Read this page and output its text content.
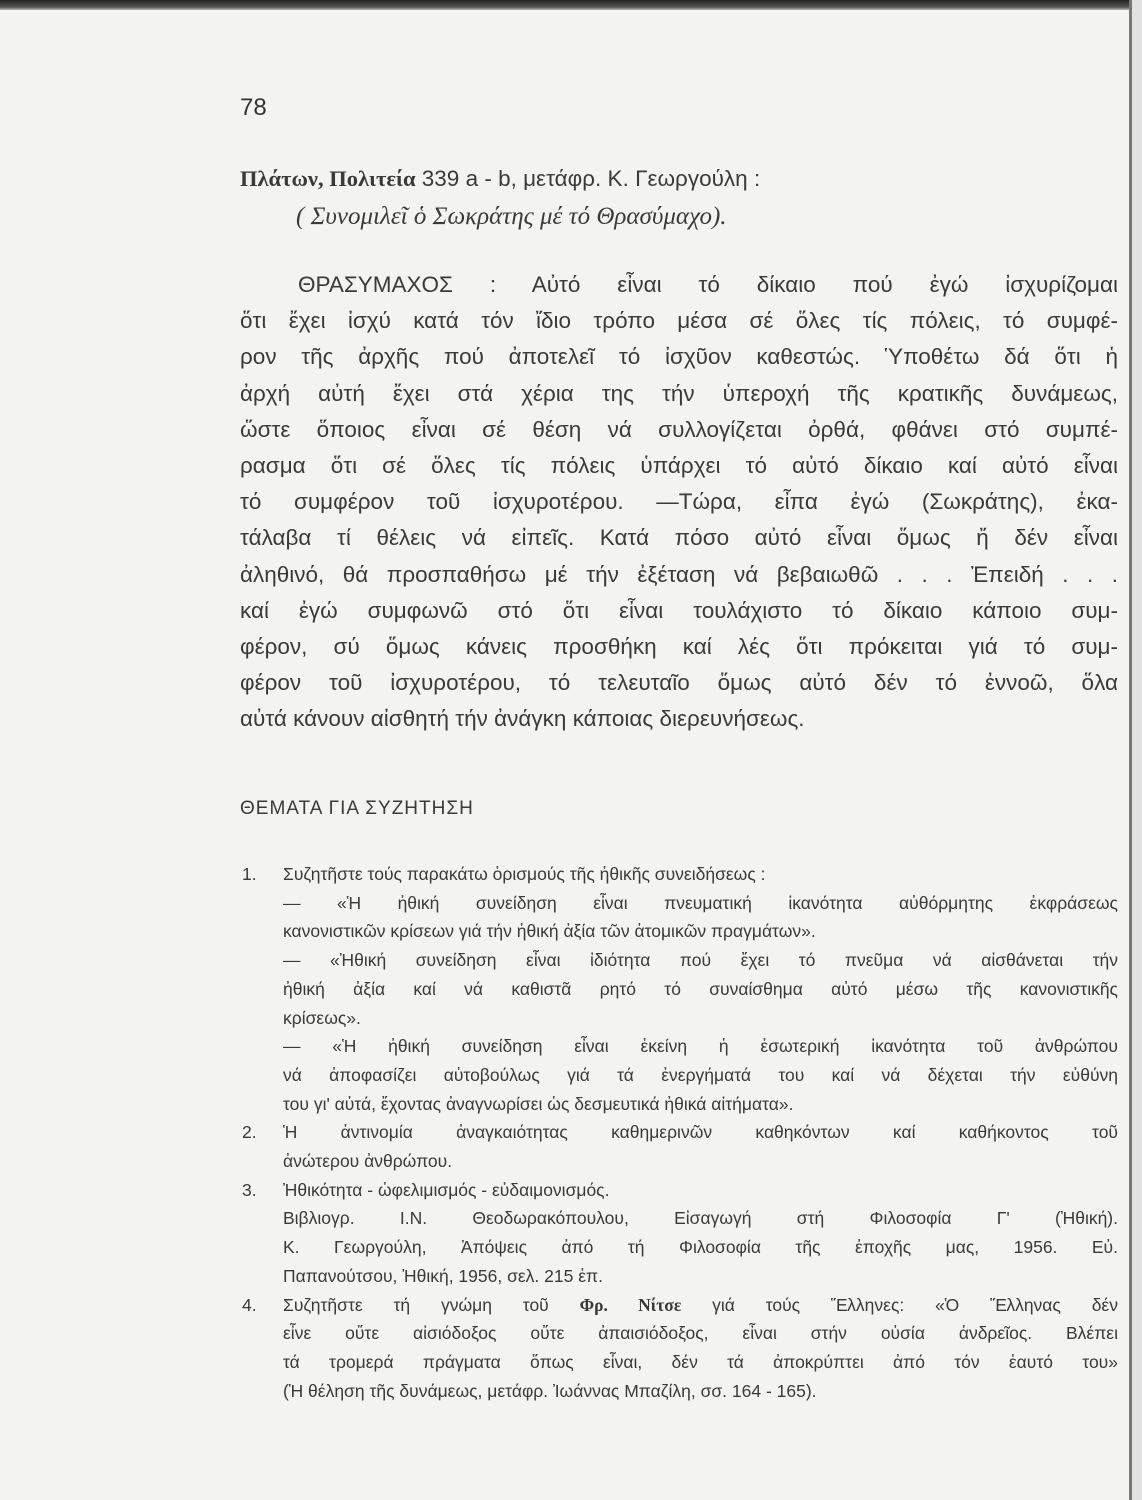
78
Πλάτων, Πολιτεία 339 a - b, μετάφρ. Κ. Γεωργούλη :
( Συνομιλεῖ ὁ Σωκράτης μέ τό Θρασύμαχο).
ΘΡΑΣΥΜΑΧΟΣ : Αὐτό εἶναι τό δίκαιο πού ἐγώ ἰσχυρίζομαι
ὅτι ἔχει ἰσχύ κατά τόν ἴδιο τρόπο μέσα σέ ὅλες τίς πόλεις, τό συμφέ-
ρον τῆς ἀρχῆς πού ἀποτελεῖ τό ἰσχῦον καθεστώς. Ὑποθέτω δά ὅτι ἡ
ἀρχή αὐτή ἔχει στά χέρια της τήν ὑπεροχή τῆς κρατικῆς δυνάμεως,
ὥστε ὅποιος εἶναι σέ θέση νά συλλογίζεται ὀρθά, φθάνει στό συμπέ-
ρασμα ὅτι σέ ὅλες τίς πόλεις ὑπάρχει τό αὐτό δίκαιο καί αὐτό εἶναι
τό συμφέρον τοῦ ἰσχυροτέρου. —Τώρα, εἶπα ἐγώ (Σωκράτης), ἐκα-
τάλαβα τί θέλεις νά εἰπεῖς. Κατά πόσο αὐτό εἶναι ὅμως ἤ δέν εἶναι
ἀληθινό, θά προσπαθήσω μέ τήν ἐξέταση νά βεβαιωθῶ . . . Ἐπειδή . . .
καί ἐγώ συμφωνῶ στό ὅτι εἶναι τουλάχιστο τό δίκαιο κάποιο συμ-
φέρον, σύ ὅμως κάνεις προσθήκη καί λές ὅτι πρόκειται γιά τό συμ-
φέρον τοῦ ἰσχυροτέρου, τό τελευταῖο ὅμως αὐτό δέν τό ἐννοῶ, ὅλα
αὐτά κάνουν αἰσθητή τήν ἀνάγκη κάποιας διερευνήσεως.
ΘΕΜΑΤΑ ΓΙΑ ΣΥΖΗΤΗΣΗ
1. Συζητῆστε τούς παρακάτω ὁρισμούς τῆς ἠθικῆς συνειδήσεως :
— «Ἡ ἠθική συνείδηση εἶναι πνευματική ἱκανότητα αὐθόρμητης ἐκφράσεως
κανονιστικῶν κρίσεων γιά τήν ἠθική ἀξία τῶν ἀτομικῶν πραγμάτων».
— «Ἠθική συνείδηση εἶναι ἰδιότητα πού ἔχει τό πνεῦμα νά αἰσθάνεται τήν
ἠθική ἀξία καί νά καθιστᾶ ρητό τό συναίσθημα αὐτό μέσω τῆς κανονιστικῆς
κρίσεως».
— «Ἡ ἠθική συνείδηση εἶναι ἐκείνη ἡ ἐσωτερική ἱκανότητα τοῦ ἀνθρώπου
νά ἀποφασίζει αὐτοβούλως γιά τά ἐνεργήματά του καί νά δέχεται τήν εὐθύνη
του γι' αὐτά, ἔχοντας ἀναγνωρίσει ὡς δεσμευτικά ἠθικά αἰτήματα».
2. Ἡ ἀντινομία ἀναγκαιότητας καθημερινῶν καθηκόντων καί καθήκοντος τοῦ
ἀνώτερου ἀνθρώπου.
3. Ἠθικότητα - ὠφελιμισμός - εὐδαιμονισμός.
Βιβλιογρ. Ι.Ν. Θεοδωρακόπουλου, Εἰσαγωγή στή Φιλοσοφία Γ' (Ἠθική).
Κ. Γεωργούλη, Ἀπόψεις ἀπό τή Φιλοσοφία τῆς ἐποχῆς μας, 1956. Εὐ.
Παπανούτσου, Ἠθική, 1956, σελ. 215 ἑπ.
4. Συζητῆστε τή γνώμη τοῦ Φρ. Νίτσε γιά τούς Ἕλληνες: «Ὁ Ἕλληνας δέν
εἶνε οὔτε αἰσιόδοξος οὔτε ἀπαισιόδοξος, εἶναι στήν οὐσία ἀνδρεῖος. Βλέπει
τά τρομερά πράγματα ὅπως εἶναι, δέν τά ἀποκρύπτει ἀπό τόν ἑαυτό του»
(Ἡ θέληση τῆς δυνάμεως, μετάφρ. Ἰωάννας Μπαζίλη, σσ. 164 - 165).
